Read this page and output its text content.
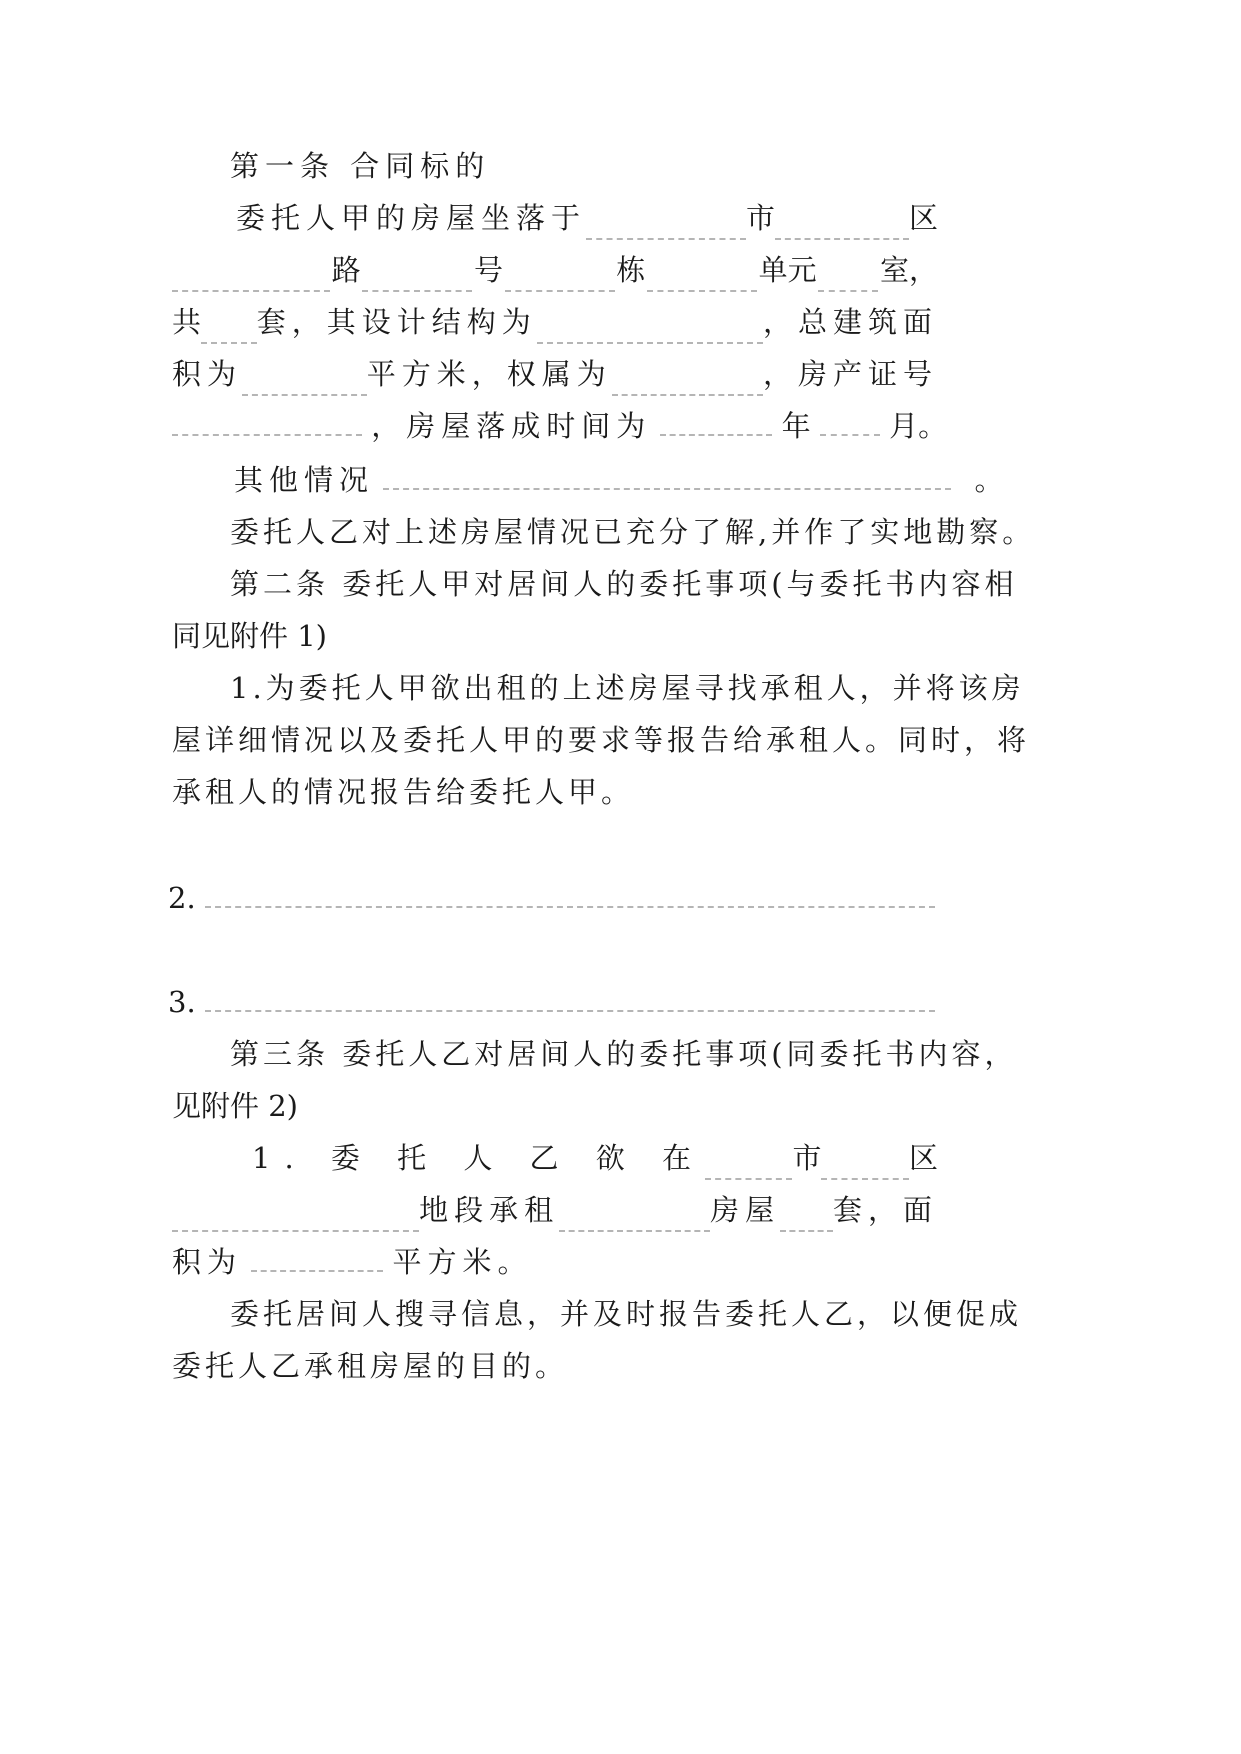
第一条 合同标的
委托人甲的房屋坐落于	市	区
路	号	栋	单元 室，
共 套，其设计结构为	，总建筑面
积为	平方米，权属为	，房产证号
，房屋落成时间为	年	月。
其他情况	。
委托人乙对上述房屋情况已充分了解,并作了实地勘察。
第二条 委托人甲对居间人的委托事项(与委托书内容相
同见附件 1)
1.为委托人甲欲出租的上述房屋寻找承租人，并将该房
屋详细情况以及委托人甲的要求等报告给承租人。同时，将
承租人的情况报告给委托人甲。
2.
3.
第三条 委托人乙对居间人的委托事项(同委托书内容，
见附件 2)
1. 委 托 人 乙 欲 在	市	区
地段承租	房屋 套，面
积为	平方米。
委托居间人搜寻信息，并及时报告委托人乙，以便促成
委托人乙承租房屋的目的。
